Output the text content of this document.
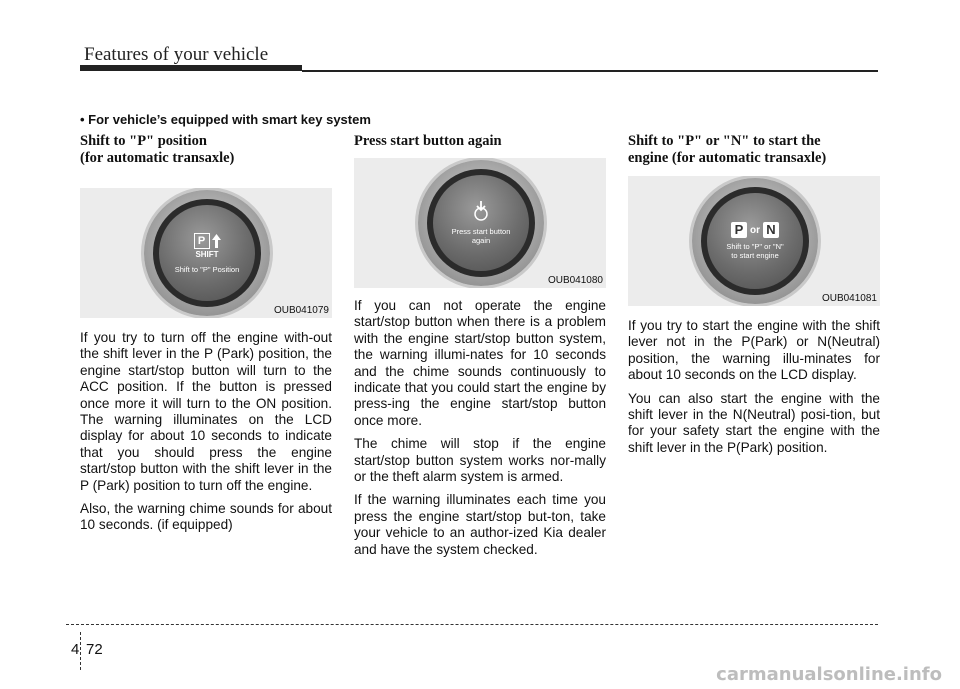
Features of your vehicle
• For vehicle’s equipped with smart key system

Shift to "P" position
(for automatic transaxle)

P
SHIFT
Shift to "P" Position
OUB041079

If you try to turn off the engine with-out the shift lever in the P (Park) position, the engine start/stop button will turn to the ACC position. If the button is pressed once more it will turn to the ON position. The warning illuminates on the LCD display for about 10 seconds to indicate that you should press the engine start/stop button with the shift lever in the P (Park) position to turn off the engine.

Also, the warning chime sounds for about 10 seconds. (if equipped)

Press start button again

Press start button
again
OUB041080

If you can not operate the engine start/stop button when there is a problem with the engine start/stop button system, the warning illumi-nates for 10 seconds and the chime sounds continuously to indicate that you could start the engine by press-ing the engine start/stop button once more.

The chime will stop if the engine start/stop button system works nor-mally or the theft alarm system is armed.

If the warning illuminates each time you press the engine start/stop but-ton, take your vehicle to an author-ized Kia dealer and have the system checked.

Shift to "P" or "N" to start the
engine (for automatic transaxle)

P or N
Shift to "P" or "N"
to start engine
OUB041081

If you try to start the engine with the shift lever not in the P(Park) or N(Neutral) position, the warning illu-minates for about 10 seconds on the LCD display.

You can also start the engine with the shift lever in the N(Neutral) posi-tion, but for your safety start the engine with the shift lever in the P(Park) position.

4 72
carmanualsonline.info
